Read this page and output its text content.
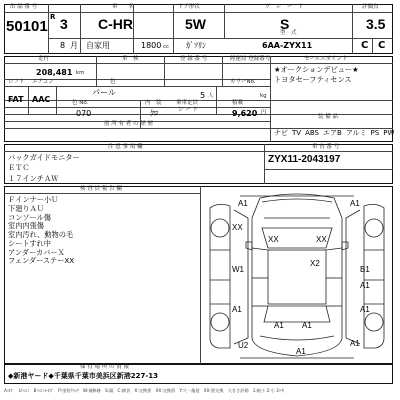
出 品 番 号
50101
R 3
8 月
車　　名
C-HR
自家用	1800 cc
ドア形状
5W
ｶﾞｿﾘﾝ
グ　レ　ー　ド
S
型　式
6AA-ZYX11
評価点
3.5
C C
走行
208,481 km
車　検	登 録 番 号	陸運局 登録番号	セールスポイント
★オークションデビュー★
トヨタセーフティセンス
シフト エアコン	色	カラーNo.
FAT AAC
パール
乗車定員
5 人
積載
kg
色 No.	内　装
070	ｸﾛ	シ ー ト	9,620 円
前 所 有 者 の 経 歴
装 備 品
ナビ TV ABS エアB アルミ PS PW
注 意 事 項 欄
バックガイドモニター
ＥＴＣ
１７インチＡＷ
車 台 番 号
ZYX11-2043197
検 査 員 報 告 欄
Ｆインナー小Ｕ
下廻りＡＵ
コンソール傷
室内内張傷
室内汚れ、動物の毛
シートすれ中
アンダーカバーＸ
フェンダーステーXX
A1	A1
XX
XX	XX
X2
W1	B1
A1
A1	A1
U2
A1 A1
A1
A1
保 管 場 所 の 情 報
◆新港ヤード◆千葉県千葉市美浜区新港227-13
A:ｷｽﾞ　U:ﾍｺﾐ　B:ﾍｺﾐ+ｷｽﾞ　P:塗装ｸﾗｯｸ　W:補修跡　S:錆　C:腐食　X:交換要　XX:交換済　Y:穴・亀裂　XX:要交換　大きさ評価　1:極小 2:小 3:中
